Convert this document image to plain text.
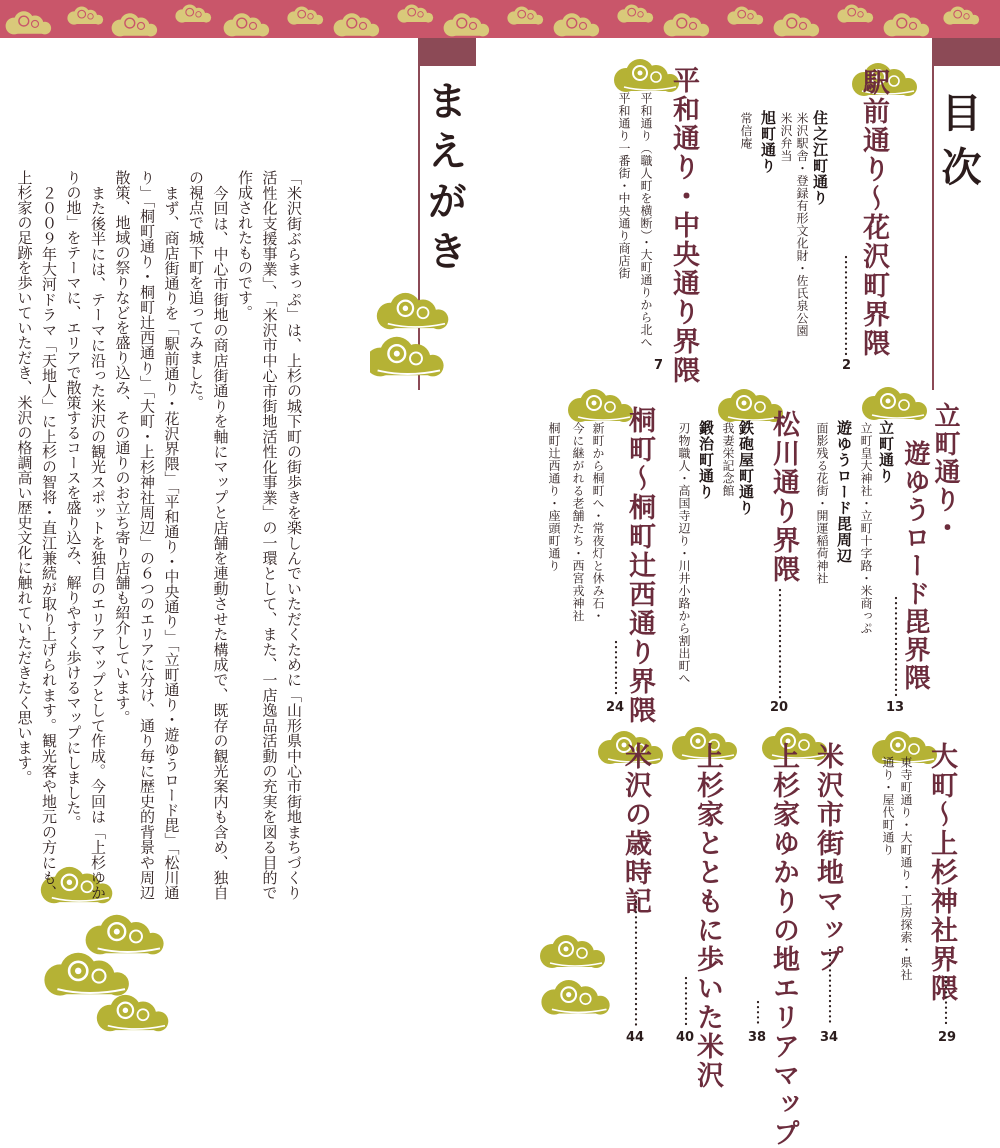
目次
まえがき	駅前通り～花沢町界隈
住之江町通り
米沢駅舎・登録有形文化財・佐氏泉公園
米沢弁当
旭町通り
常信庵
2
平和通り・中央通り界隈
平和通り（職人町を横断）・大町通りから北へ
平和通り一番街・中央通り商店街
7
立町通り・
遊ゆうロード毘界隈
立町通り
立町皇大神社・立町十字路・米商っぷ
遊ゆうロード毘周辺
面影残る花街・開運稲荷神社
13
松川通り界隈
鉄砲屋町通り
我妻栄記念館
鍛治町通り
刃物職人・高国寺辺り・川井小路から割出町へ
20
桐町～桐町辻西通り界隈
新町から桐町へ・常夜灯と休み石・
今に継がれる老舗たち・西宮戎神社
桐町辻西通り・座頭町通り
24
大町～上杉神社界隈
東寺町通り・大町通り・工房探索・県社
通り・屋代町通り
29
米沢市街地マップ
34
上杉家ゆかりの地エリアマップ
38
上杉家とともに歩いた米沢
40
米沢の歳時記
44

「米沢街ぶらまっぷ」は、上杉の城下町の街歩きを楽しんでいただくために「山形県中心市街地まちづくり活性化支援事業」、「米沢市中心市街地活性化事業」の一環として、また、一店逸品活動の充実を図る目的で作成されたものです。

　今回は、中心市街地の商店街通りを軸にマップと店舗を連動させた構成で、既存の観光案内も含め、独自の視点で城下町を追ってみました。

　まず、商店街通りを「駅前通り・花沢界隈」「平和通り・中央通り」「立町通り・遊ゆうロード毘」「松川通り」「桐町通り・桐町辻西通り」「大町・上杉神社周辺」の６つのエリアに分け、通り毎に歴史的背景や周辺散策、地域の祭りなどを盛り込み、その通りのお立ち寄り店舗も紹介しています。

　また後半には、テーマに沿った米沢の観光スポットを独自のエリアマップとして作成。今回は「上杉ゆかりの地」をテーマに、エリアで散策するコースを盛り込み、解りやすく歩けるマップにしました。

　２００９年大河ドラマ「天地人」に上杉の智将・直江兼続が取り上げられます。観光客や地元の方にも、上杉家の足跡を歩いていただき、米沢の格調高い歴史文化に触れていただきたく思います。
